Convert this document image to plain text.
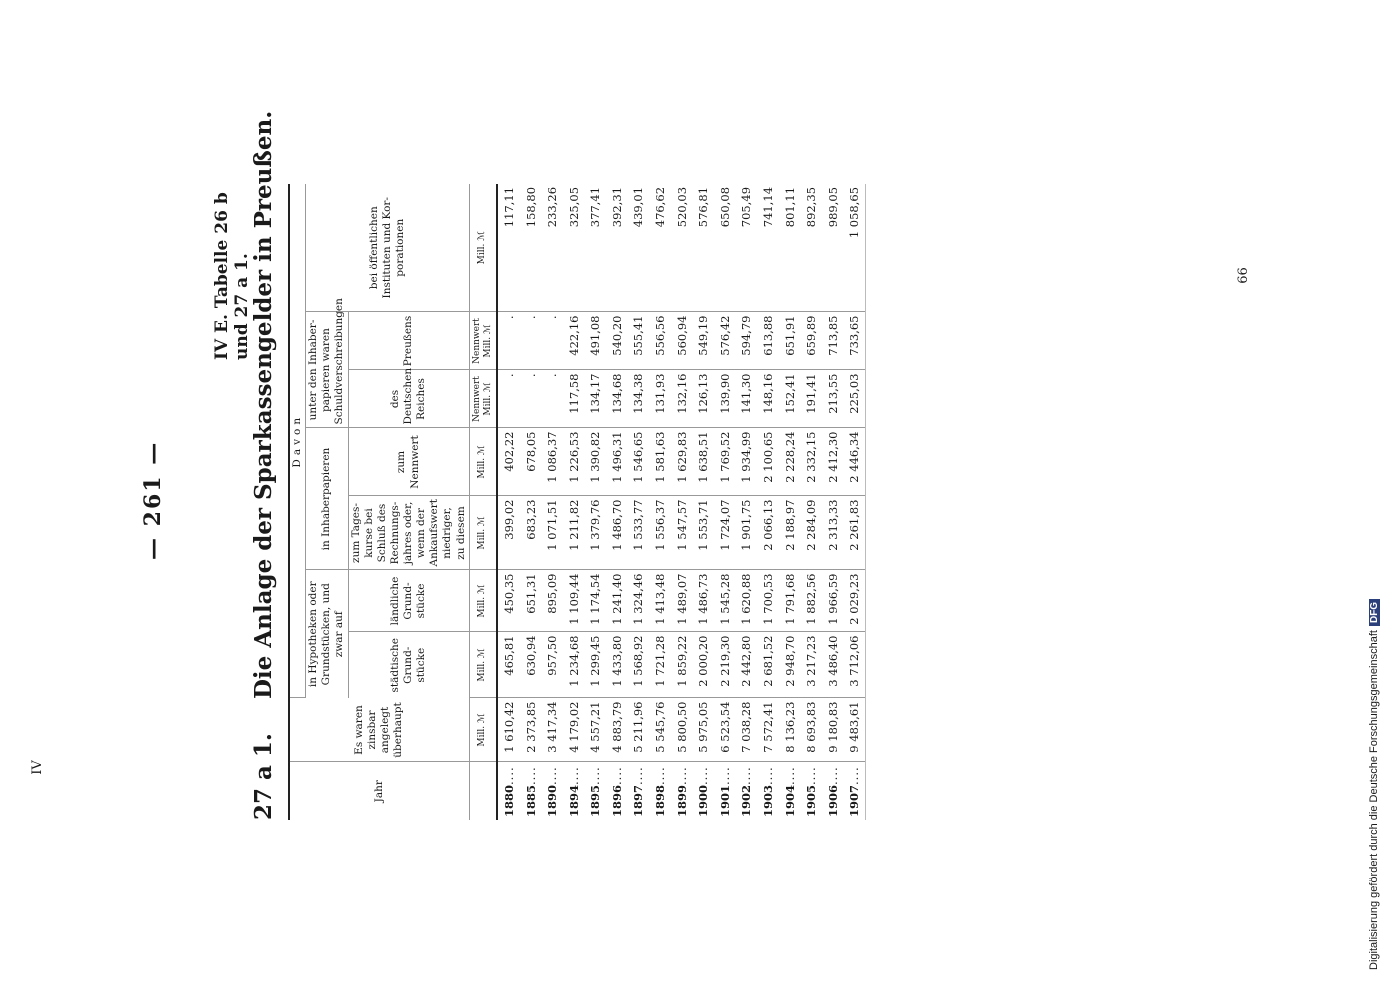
— 261 —
IV E. Tabelle 26 b und 27 a 1.
27 a 1. Die Anlage der Sparkassengelder in Preußen.
Jahr	Es waren zinsbar angelegt überhaupt	Davon						
		in Hypotheken oder Grundstücken, und zwar auf		in Inhaberpapieren		unter den Inhaber-papieren waren Schuldverschreibungen		bei öffentlichen Instituten und Kor-porationen
		städtische Grund-stücke	ländliche Grund-stücke	zum Tages-kurse bei Schluß des Rechnungs-jahres oder, wenn der Ankaufswert niedriger, zu diesem	zum Nennwert	des Deutschen Reiches	Preußens	
	Mill. ℳ	Mill. ℳ	Mill. ℳ	Mill. ℳ	Mill. ℳ	Nennwert Mill. ℳ	Nennwert Mill. ℳ	Mill. ℳ
1880....	1 610,42	465,81	450,35	399,02	402,22	.	.	117,11
1885....	2 373,85	630,94	651,31	683,23	678,05	.	.	158,80
1890....	3 417,34	957,50	895,09	1 071,51	1 086,37	.	.	233,26
1894....	4 179,02	1 234,68	1 109,44	1 211,82	1 226,53	117,58	422,16	325,05
1895....	4 557,21	1 299,45	1 174,54	1 379,76	1 390,82	134,17	491,08	377,41
1896....	4 883,79	1 433,80	1 241,40	1 486,70	1 496,31	134,68	540,20	392,31
1897....	5 211,96	1 568,92	1 324,46	1 533,77	1 546,65	134,38	555,41	439,01
1898....	5 545,76	1 721,28	1 413,48	1 556,37	1 581,63	131,93	556,56	476,62
1899....	5 800,50	1 859,22	1 489,07	1 547,57	1 629,83	132,16	560,94	520,03
1900....	5 975,05	2 000,20	1 486,73	1 553,71	1 638,51	126,13	549,19	576,81
1901....	6 523,54	2 219,30	1 545,28	1 724,07	1 769,52	139,90	576,42	650,08
1902....	7 038,28	2 442,80	1 620,88	1 901,75	1 934,99	141,30	594,79	705,49
1903....	7 572,41	2 681,52	1 700,53	2 066,13	2 100,65	148,16	613,88	741,14
1904....	8 136,23	2 948,70	1 791,68	2 188,97	2 228,24	152,41	651,91	801,11
1905....	8 693,83	3 217,23	1 882,56	2 284,09	2 332,15	191,41	659,89	892,35
1906....	9 180,83	3 486,40	1 966,59	2 313,33	2 412,30	213,55	713,85	989,05
1907....	9 483,61	3 712,06	2 029,23	2 261,83	2 446,34	225,03	733,65	1 058,65
IV
66
Digitalisierung gefördert durch die Deutsche ForschungsgemeinschaftDFG
